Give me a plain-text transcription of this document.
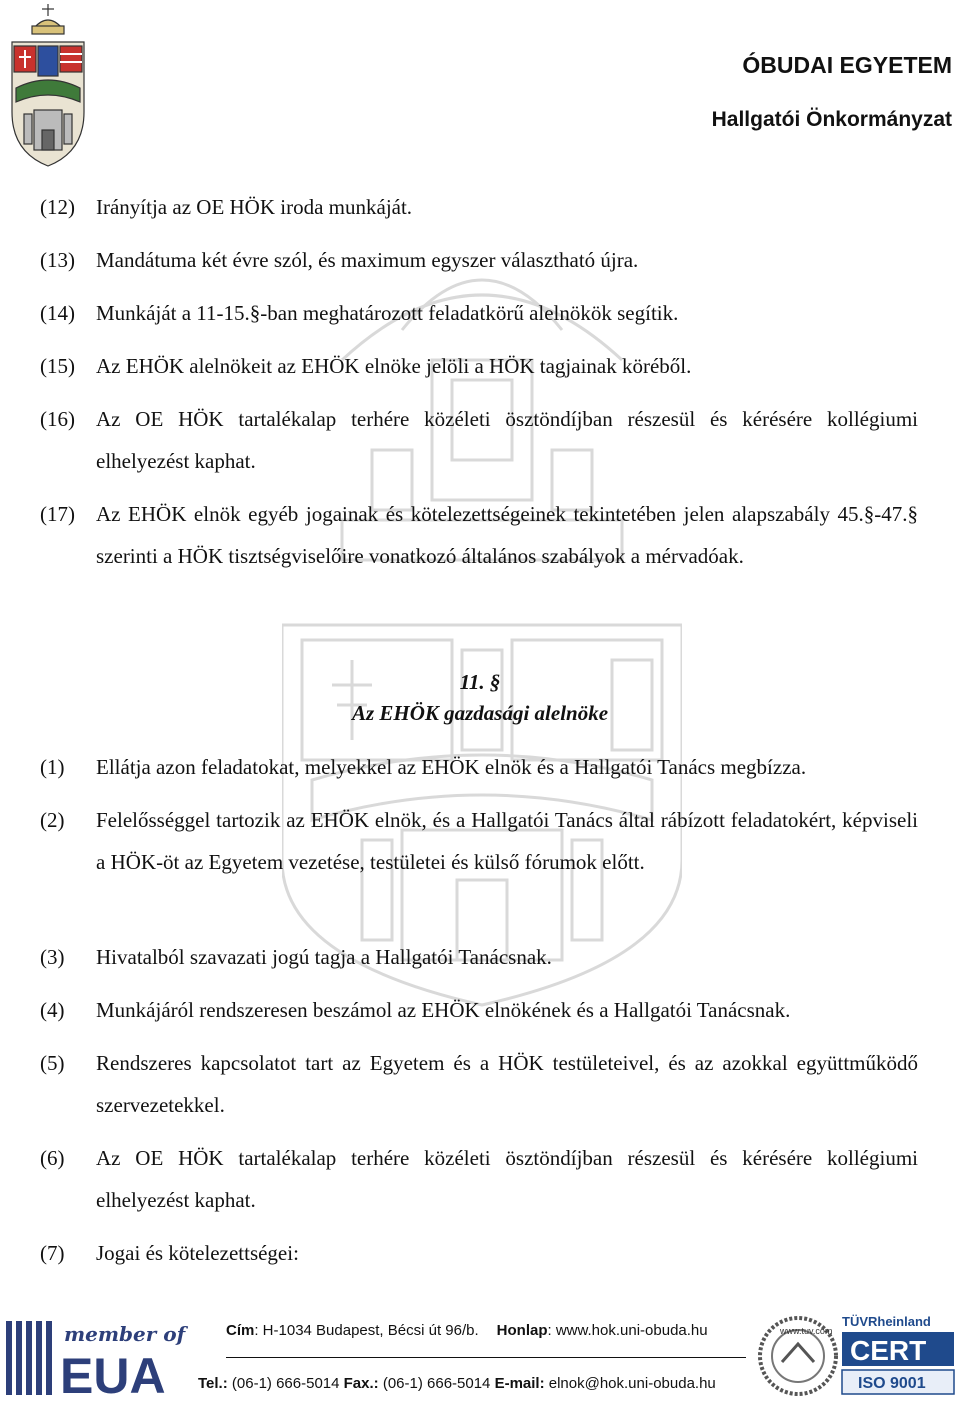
ÓBUDAI EGYETEM
Hallgatói Önkormányzat
(12) Irányítja az OE HÖK iroda munkáját.
(13) Mandátuma két évre szól, és maximum egyszer választható újra.
(14) Munkáját a 11-15.§-ban meghatározott feladatkörű alelnökök segítik.
(15) Az EHÖK alelnökeit az EHÖK elnöke jelöli a HÖK tagjainak köréből.
(16) Az OE HÖK tartalékalap terhére közéleti ösztöndíjban részesül és kérésére kollégiumi elhelyezést kaphat.
(17) Az EHÖK elnök egyéb jogainak és kötelezettségeinek tekintetében jelen alapszabály 45.§-47.§ szerinti a HÖK tisztségviselőire vonatkozó általános szabályok a mérvadóak.
11. §
Az EHÖK gazdasági alelnöke
(1) Ellátja azon feladatokat, melyekkel az EHÖK elnök és a Hallgatói Tanács megbízza.
(2) Felelősséggel tartozik az EHÖK elnök, és a Hallgatói Tanács által rábízott feladatokért, képviseli a HÖK-öt az Egyetem vezetése, testületei és külső fórumok előtt.
(3) Hivatalból szavazati jogú tagja a Hallgatói Tanácsnak.
(4) Munkájáról rendszeresen beszámol az EHÖK elnökének és a Hallgatói Tanácsnak.
(5) Rendszeres kapcsolatot tart az Egyetem és a HÖK testületeivel, és az azokkal együttműködő szervezetekkel.
(6) Az OE HÖK tartalékalap terhére közéleti ösztöndíjban részesül és kérésére kollégiumi elhelyezést kaphat.
(7) Jogai és kötelezettségei:
member of
EUA
Cím: H-1034 Budapest, Bécsi út 96/b. Honlap: www.hok.uni-obuda.hu
Tel.: (06-1) 666-5014 Fax.: (06-1) 666-5014 E-mail: elnok@hok.uni-obuda.hu
www.tuv.com
TÜVRheinland
CERT
ISO 9001
